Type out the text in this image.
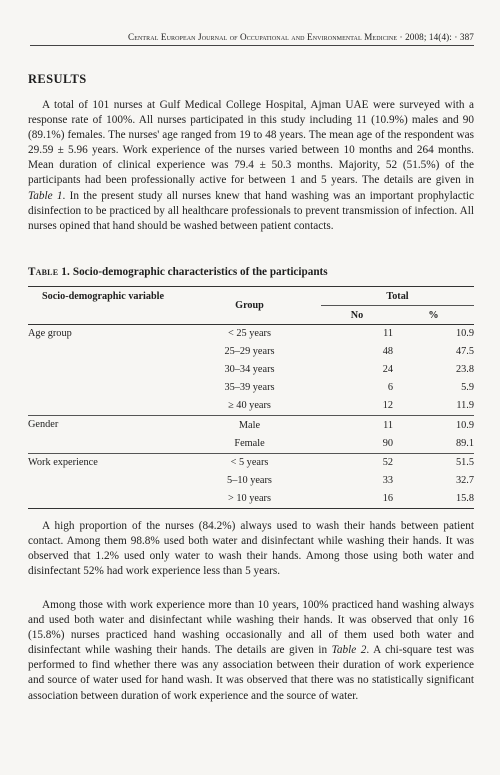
Central European Journal of Occupational and Environmental Medicine · 2008; 14(4): · 387
RESULTS

A total of 101 nurses at Gulf Medical College Hospital, Ajman UAE were surveyed with a response rate of 100%. All nurses participated in this study including 11 (10.9%) males and 90 (89.1%) females. The nurses' age ranged from 19 to 48 years. The mean age of the respondent was 29.59 ± 5.96 years. Work experience of the nurses varied between 10 months and 264 months. Mean duration of clinical experience was 79.4 ± 50.3 months. Majority, 52 (51.5%) of the participants had been professionally active for between 1 and 5 years. The details are given in Table 1. In the present study all nurses knew that hand washing was an important prophylactic disinfection to be practiced by all healthcare professionals to prevent transmission of infection. All nurses opined that hand should be washed between patient contacts.

Table 1. Socio-demographic characteristics of the participants
Socio-demographic variable	Group	Total	
		No	%
Age group	< 25 years	11	10.9
	25–29 years	48	47.5
	30–34 years	24	23.8
	35–39 years	6	5.9
	≥ 40 years	12	11.9
Gender	Male	11	10.9
	Female	90	89.1
Work experience	< 5 years	52	51.5
	5–10 years	33	32.7
	> 10 years	16	15.8

A high proportion of the nurses (84.2%) always used to wash their hands between patient contact. Among them 98.8% used both water and disinfectant while washing their hands. It was observed that 1.2% used only water to wash their hands. Among those using both water and disinfectant 52% had work experience less than 5 years.

Among those with work experience more than 10 years, 100% practiced hand washing always and used both water and disinfectant while washing their hands. It was observed that only 16 (15.8%) nurses practiced hand washing occasionally and all of them used both water and disinfectant while washing their hands. The details are given in Table 2. A chi-square test was performed to find whether there was any association between their duration of work experience and source of water used for hand wash. It was observed that there was no statistically significant association between duration of work experience and the source of water.
